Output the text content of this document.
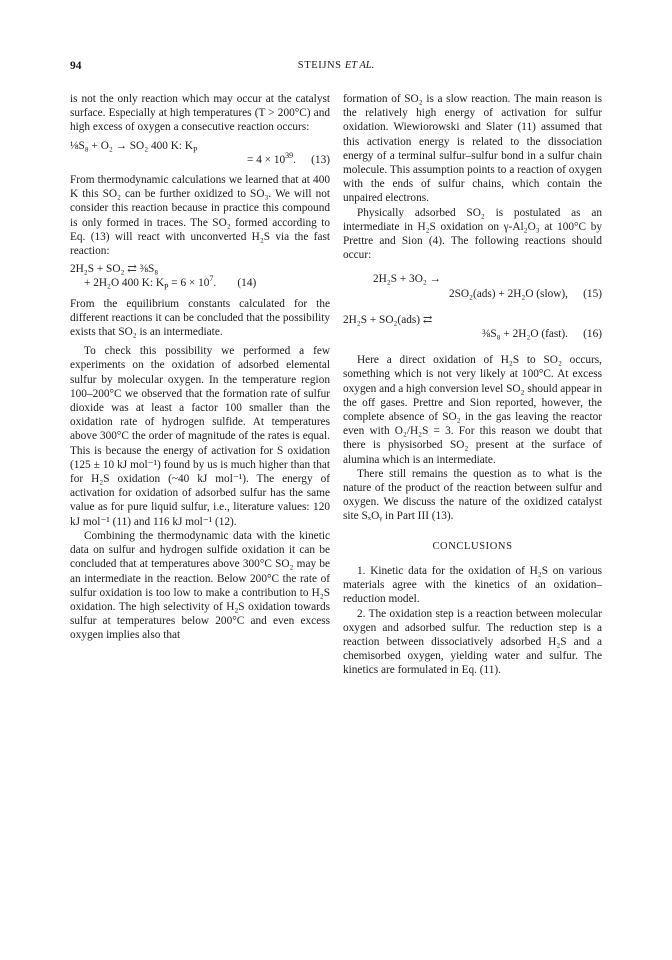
94	STEIJNS ET AL.

is not the only reaction which may occur at the catalyst surface. Especially at high temperatures (T > 200°C) and high excess of oxygen a consecutive reaction occurs:

⅛S₈ + O₂ → SO₂ 400 K: $K_P$
= $4 \times 10^{39}$. (13)

From thermodynamic calculations we learned that at 400 K this SO₂ can be further oxidized to SO₃. We will not consider this reaction because in practice this compound is only formed in traces. The SO₂ formed according to Eq. (13) will react with unconverted H₂S via the fast reaction:

2H₂S + SO₂ ⇄ ⅜S₈
+ 2H₂O 400 K: $K_P = 6 \times 10^7$. (14)

From the equilibrium constants calculated for the different reactions it can be concluded that the possibility exists that SO₂ is an intermediate.

To check this possibility we performed a few experiments on the oxidation of adsorbed elemental sulfur by molecular oxygen. In the temperature region 100–200°C we observed that the formation rate of sulfur dioxide was at least a factor 100 smaller than the oxidation rate of hydrogen sulfide. At temperatures above 300°C the order of magnitude of the rates is equal. This is because the energy of activation for S oxidation (125 ± 10 kJ mol⁻¹) found by us is much higher than that for H₂S oxidation (~40 kJ mol⁻¹). The energy of activation for oxidation of adsorbed sulfur has the same value as for pure liquid sulfur, i.e., literature values: 120 kJ mol⁻¹ (11) and 116 kJ mol⁻¹ (12).

Combining the thermodynamic data with the kinetic data on sulfur and hydrogen sulfide oxidation it can be concluded that at temperatures above 300°C SO₂ may be an intermediate in the reaction. Below 200°C the rate of sulfur oxidation is too low to make a contribution to H₂S oxidation. The high selectivity of H₂S oxidation towards sulfur at temperatures below 200°C and even excess oxygen implies also that

formation of SO₂ is a slow reaction. The main reason is the relatively high energy of activation for sulfur oxidation. Wiewiorowski and Slater (11) assumed that this activation energy is related to the dissociation energy of a terminal sulfur–sulfur bond in a sulfur chain molecule. This assumption points to a reaction of oxygen with the ends of sulfur chains, which contain the unpaired electrons.

Physically adsorbed SO₂ is postulated as an intermediate in H₂S oxidation on γ-Al₂O₃ at 100°C by Prettre and Sion (4). The following reactions should occur:

2H₂S + 3O₂ →
2SO₂(ads) + 2H₂O (slow), (15)
2H₂S + SO₂(ads) ⇄
⅜S₈ + 2H₂O (fast). (16)

Here a direct oxidation of H₂S to SO₂ occurs, something which is not very likely at 100°C. At excess oxygen and a high conversion level SO₂ should appear in the off gases. Prettre and Sion reported, however, the complete absence of SO₂ in the gas leaving the reactor even with O₂/H₂S = 3. For this reason we doubt that there is physisorbed SO₂ present at the surface of alumina which is an intermediate.

There still remains the question as to what is the nature of the product of the reaction between sulfur and oxygen. We discuss the nature of the oxidized catalyst site SₓOᵧ in Part III (13).

CONCLUSIONS

1. Kinetic data for the oxidation of H₂S on various materials agree with the kinetics of an oxidation–reduction model.

2. The oxidation step is a reaction between molecular oxygen and adsorbed sulfur. The reduction step is a reaction between dissociatively adsorbed H₂S and a chemisorbed oxygen, yielding water and sulfur. The kinetics are formulated in Eq. (11).
